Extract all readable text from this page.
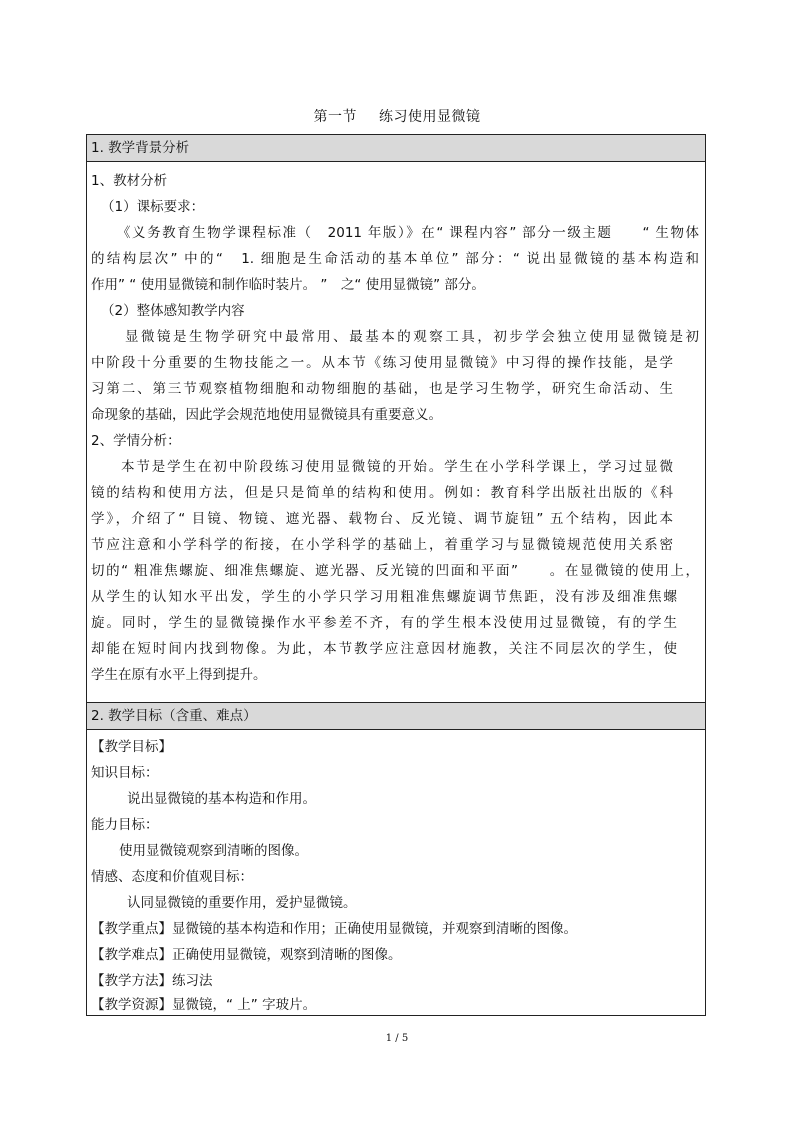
第一节 练习使用显微镜
1. 教学背景分析
1、教材分析
（1）课标要求：
《义务教育生物学课程标准（　2011 年版）》在“ 课程内容” 部分一级主题　　“ 生物体
的结构层次” 中的“　1. 细胞是生命活动的基本单位” 部分：“ 说出显微镜的基本构造和
作用” “ 使用显微镜和制作临时装片。 ”　之“ 使用显微镜” 部分。
（2）整体感知教学内容
显微镜是生物学研究中最常用、最基本的观察工具，初步学会独立使用显微镜是初
中阶段十分重要的生物技能之一。从本节《练习使用显微镜》中习得的操作技能，是学
习第二、第三节观察植物细胞和动物细胞的基础，也是学习生物学，研究生命活动、生
命现象的基础，因此学会规范地使用显微镜具有重要意义。
2、学情分析：
本节是学生在初中阶段练习使用显微镜的开始。学生在小学科学课上，学习过显微
镜的结构和使用方法，但是只是简单的结构和使用。例如：教育科学出版社出版的《科
学》，介绍了“ 目镜、物镜、遮光器、载物台、反光镜、调节旋钮” 五个结构，因此本
节应注意和小学科学的衔接，在小学科学的基础上，着重学习与显微镜规范使用关系密
切的“ 粗准焦螺旋、细准焦螺旋、遮光器、反光镜的凹面和平面”　　。在显微镜的使用上，
从学生的认知水平出发，学生的小学只学习用粗准焦螺旋调节焦距，没有涉及细准焦螺
旋。同时，学生的显微镜操作水平参差不齐，有的学生根本没使用过显微镜，有的学生
却能在短时间内找到物像。为此，本节教学应注意因材施教，关注不同层次的学生，使
学生在原有水平上得到提升。
2. 教学目标（含重、难点）
【教学目标】
知识目标：
说出显微镜的基本构造和作用。
能力目标：
使用显微镜观察到清晰的图像。
情感、态度和价值观目标：
认同显微镜的重要作用，爱护显微镜。
【教学重点】显微镜的基本构造和作用；正确使用显微镜，并观察到清晰的图像。
【教学难点】正确使用显微镜，观察到清晰的图像。
【教学方法】练习法
【教学资源】显微镜，“ 上” 字玻片。
1 / 5
